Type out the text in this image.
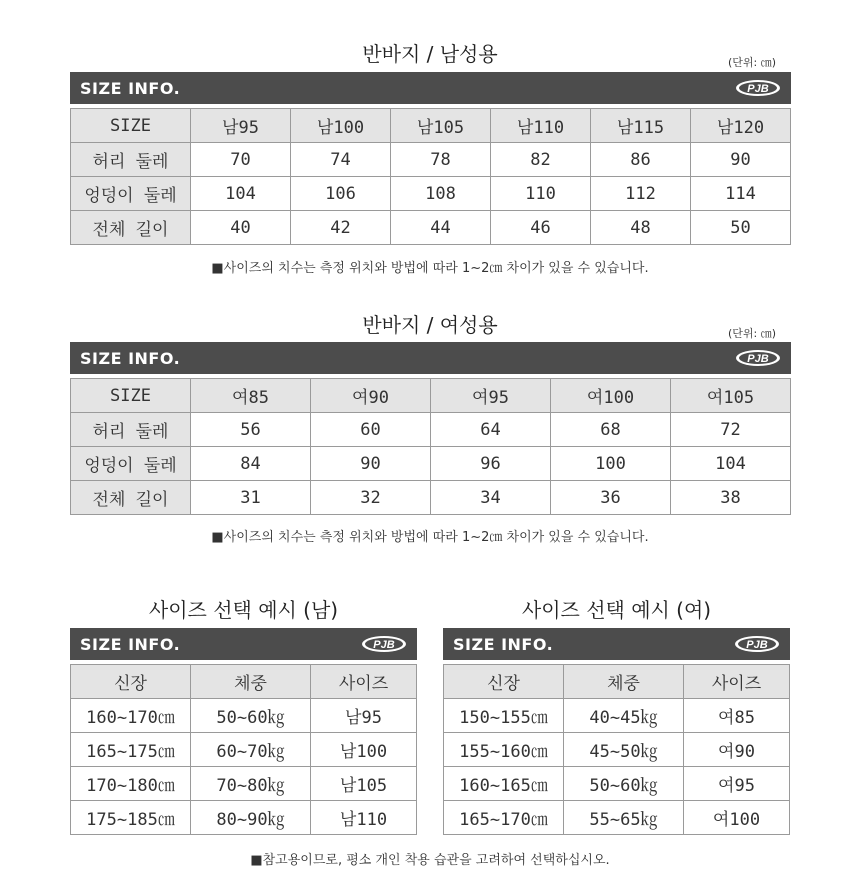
반바지 / 남성용	(단위: ㎝)
SIZE INFO.	PJB
SIZE	남95	남100	남105	남110	남115	남120
허리 둘레	70	74	78	82	86	90
엉덩이 둘레	104	106	108	110	112	114
전체 길이	40	42	44	46	48	50
■사이즈의 치수는 측정 위치와 방법에 따라 1~2㎝ 차이가 있을 수 있습니다.
반바지 / 여성용	(단위: ㎝)
SIZE INFO.	PJB
SIZE	여85	여90	여95	여100	여105
허리 둘레	56	60	64	68	72
엉덩이 둘레	84	90	96	100	104
전체 길이	31	32	34	36	38
■사이즈의 치수는 측정 위치와 방법에 따라 1~2㎝ 차이가 있을 수 있습니다.
사이즈 선택 예시 (남)
SIZE INFO.	PJB
신장	체중	사이즈
160~170㎝	50~60㎏	남95
165~175㎝	60~70㎏	남100
170~180㎝	70~80㎏	남105
175~185㎝	80~90㎏	남110
사이즈 선택 예시 (여)
SIZE INFO.	PJB
신장	체중	사이즈
150~155㎝	40~45㎏	여85
155~160㎝	45~50㎏	여90
160~165㎝	50~60㎏	여95
165~170㎝	55~65㎏	여100
■참고용이므로, 평소 개인 착용 습관을 고려하여 선택하십시오.
